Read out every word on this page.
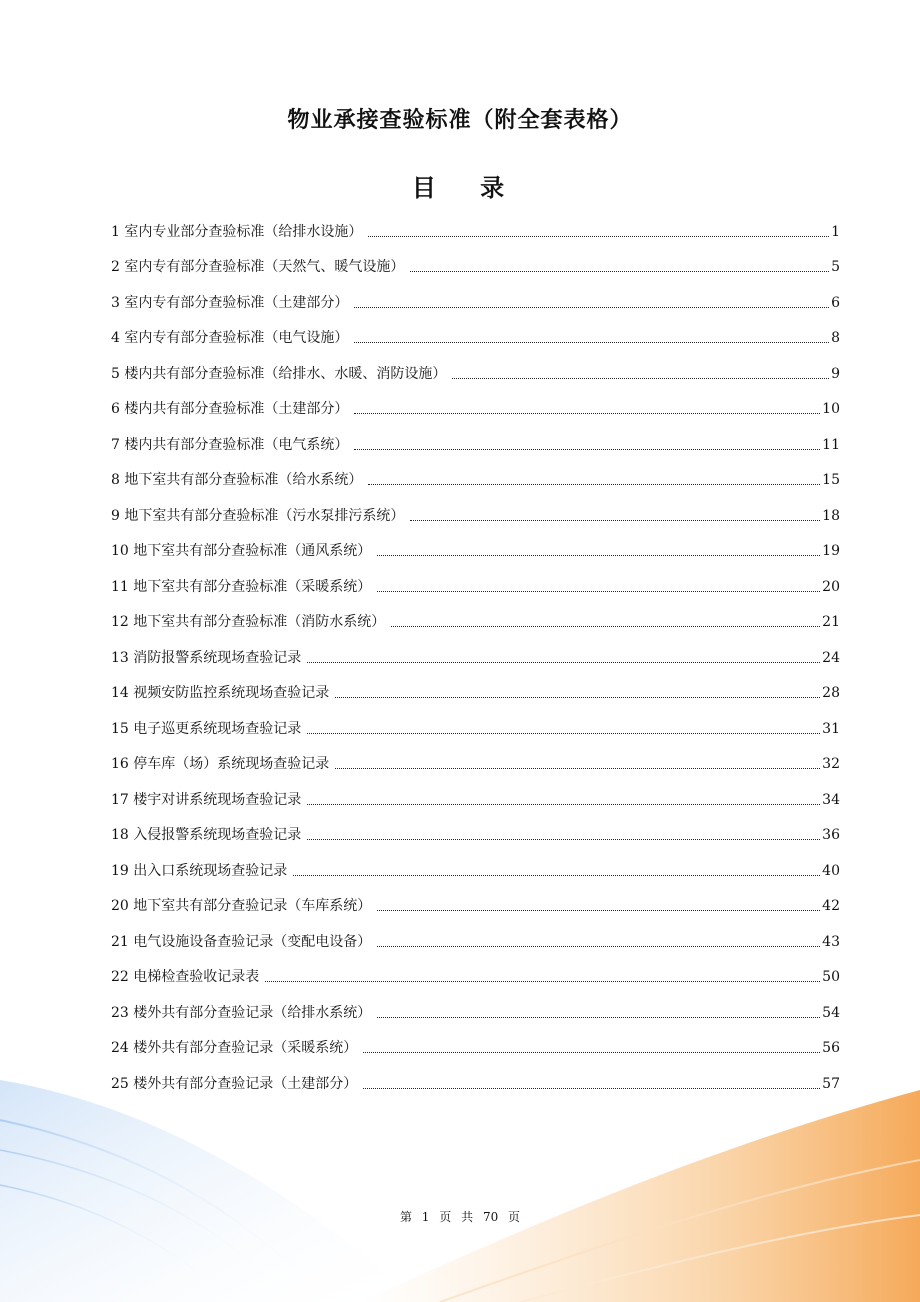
物业承接查验标准（附全套表格）
目 录
1 室内专业部分查验标准（给排水设施）	1
2 室内专有部分查验标准（天然气、暖气设施）	5
3 室内专有部分查验标准（土建部分）	6
4 室内专有部分查验标准（电气设施）	8
5 楼内共有部分查验标准（给排水、水暖、消防设施）	9
6 楼内共有部分查验标准（土建部分）	10
7 楼内共有部分查验标准（电气系统）	11
8 地下室共有部分查验标准（给水系统）	15
9 地下室共有部分查验标准（污水泵排污系统）	18
10 地下室共有部分查验标准（通风系统）	19
11 地下室共有部分查验标准（采暖系统）	20
12 地下室共有部分查验标准（消防水系统）	21
13 消防报警系统现场查验记录	24
14 视频安防监控系统现场查验记录	28
15 电子巡更系统现场查验记录	31
16 停车库（场）系统现场查验记录	32
17 楼宇对讲系统现场查验记录	34
18 入侵报警系统现场查验记录	36
19 出入口系统现场查验记录	40
20 地下室共有部分查验记录（车库系统）	42
21 电气设施设备查验记录（变配电设备）	43
22 电梯检查验收记录表	50
23 楼外共有部分查验记录（给排水系统）	54
24 楼外共有部分查验记录（采暖系统）	56
25 楼外共有部分查验记录（土建部分）	57
第 1 页 共 70 页
